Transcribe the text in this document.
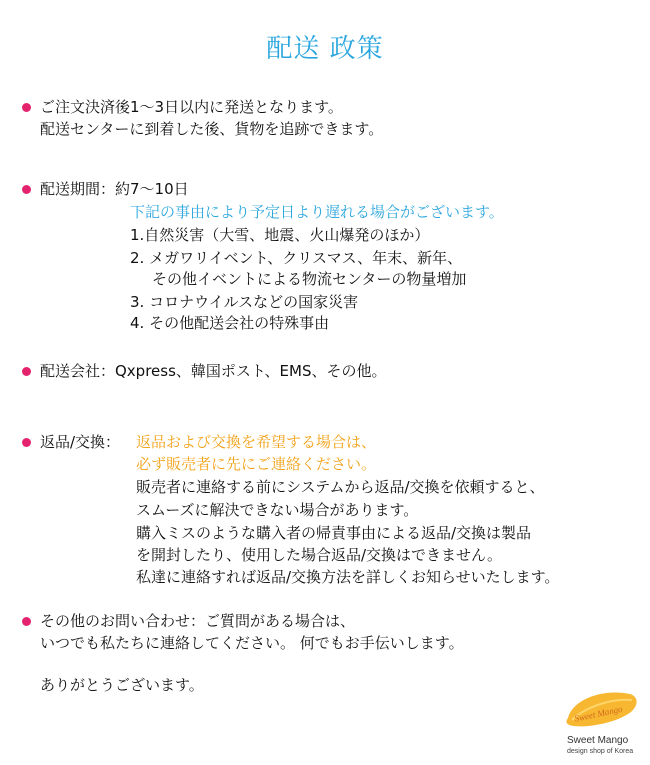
配送 政策
ご注文決済後1～3日以内に発送となります。
配送センターに到着した後、貨物を追跡できます。
配送期間：約7～10日
下記の事由により予定日より遅れる場合がございます。
1.自然災害（大雪、地震、火山爆発のほか）
2. メガワリイベント、クリスマス、年末、新年、
その他イベントによる物流センターの物量増加
3. コロナウイルスなどの国家災害
4. その他配送会社の特殊事由
配送会社：Qxpress、韓国ポスト、EMS、その他。
返品/交換： 返品および交換を希望する場合は、
必ず販売者に先にご連絡ください。
販売者に連絡する前にシステムから返品/交換を依頼すると、
スムーズに解決できない場合があります。
購入ミスのような購入者の帰責事由による返品/交換は製品
を開封したり、使用した場合返品/交換はできません。
私達に連絡すれば返品/交換方法を詳しくお知らせいたします。
その他のお問い合わせ：ご質問がある場合は、
いつでも私たちに連絡してください。 何でもお手伝いします。
ありがとうございます。
Sweet Mango
Sweet Mango
design shop of Korea
